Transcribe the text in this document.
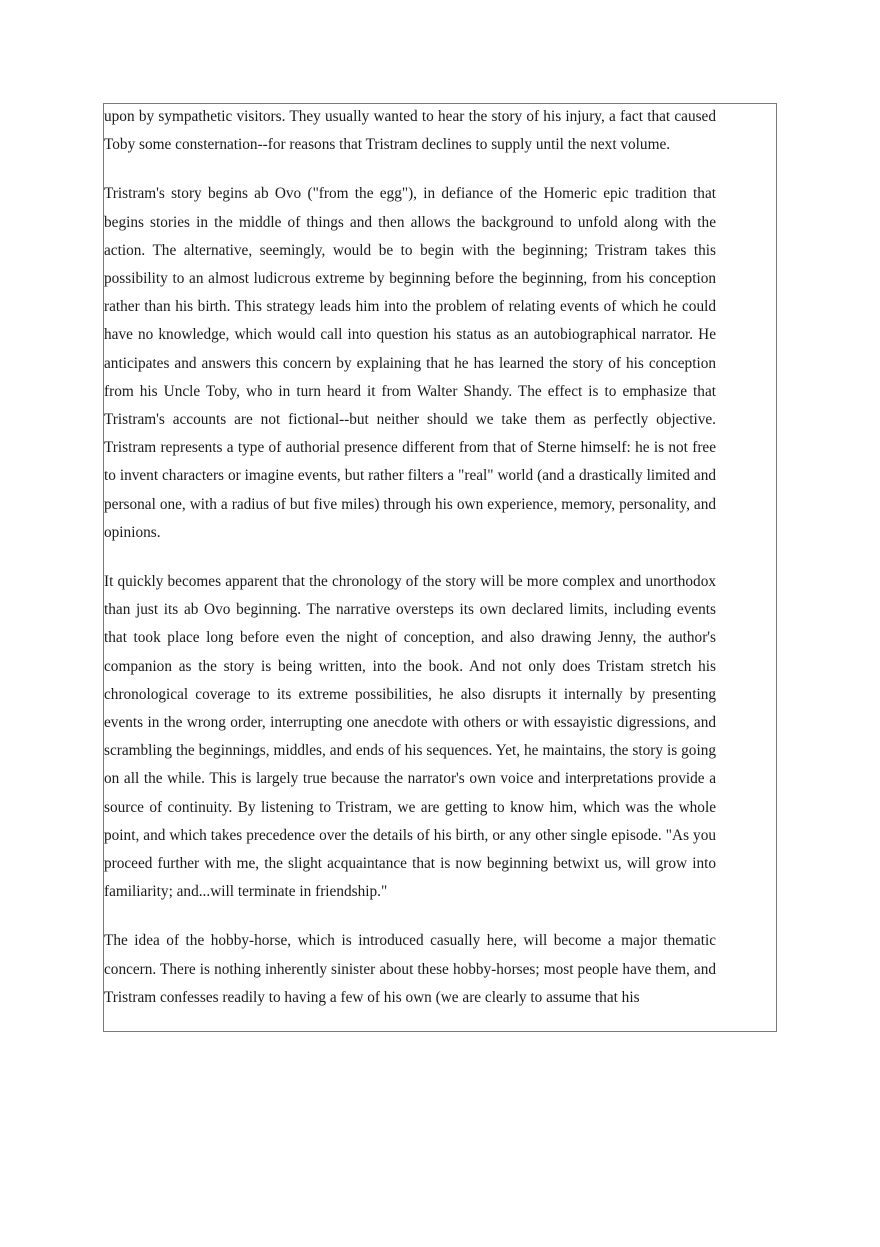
upon by sympathetic visitors. They usually wanted to hear the story of his injury, a fact that caused Toby some consternation--for reasons that Tristram declines to supply until the next volume.

Tristram's story begins ab Ovo ("from the egg"), in defiance of the Homeric epic tradition that begins stories in the middle of things and then allows the background to unfold along with the action. The alternative, seemingly, would be to begin with the beginning; Tristram takes this possibility to an almost ludicrous extreme by beginning before the beginning, from his conception rather than his birth. This strategy leads him into the problem of relating events of which he could have no knowledge, which would call into question his status as an autobiographical narrator. He anticipates and answers this concern by explaining that he has learned the story of his conception from his Uncle Toby, who in turn heard it from Walter Shandy. The effect is to emphasize that Tristram's accounts are not fictional--but neither should we take them as perfectly objective. Tristram represents a type of authorial presence different from that of Sterne himself: he is not free to invent characters or imagine events, but rather filters a "real" world (and a drastically limited and personal one, with a radius of but five miles) through his own experience, memory, personality, and opinions.

It quickly becomes apparent that the chronology of the story will be more complex and unorthodox than just its ab Ovo beginning. The narrative oversteps its own declared limits, including events that took place long before even the night of conception, and also drawing Jenny, the author's companion as the story is being written, into the book. And not only does Tristam stretch his chronological coverage to its extreme possibilities, he also disrupts it internally by presenting events in the wrong order, interrupting one anecdote with others or with essayistic digressions, and scrambling the beginnings, middles, and ends of his sequences. Yet, he maintains, the story is going on all the while. This is largely true because the narrator's own voice and interpretations provide a source of continuity. By listening to Tristram, we are getting to know him, which was the whole point, and which takes precedence over the details of his birth, or any other single episode. "As you proceed further with me, the slight acquaintance that is now beginning betwixt us, will grow into familiarity; and...will terminate in friendship."

The idea of the hobby-horse, which is introduced casually here, will become a major thematic concern. There is nothing inherently sinister about these hobby-horses; most people have them, and Tristram confesses readily to having a few of his own (we are clearly to assume that his
